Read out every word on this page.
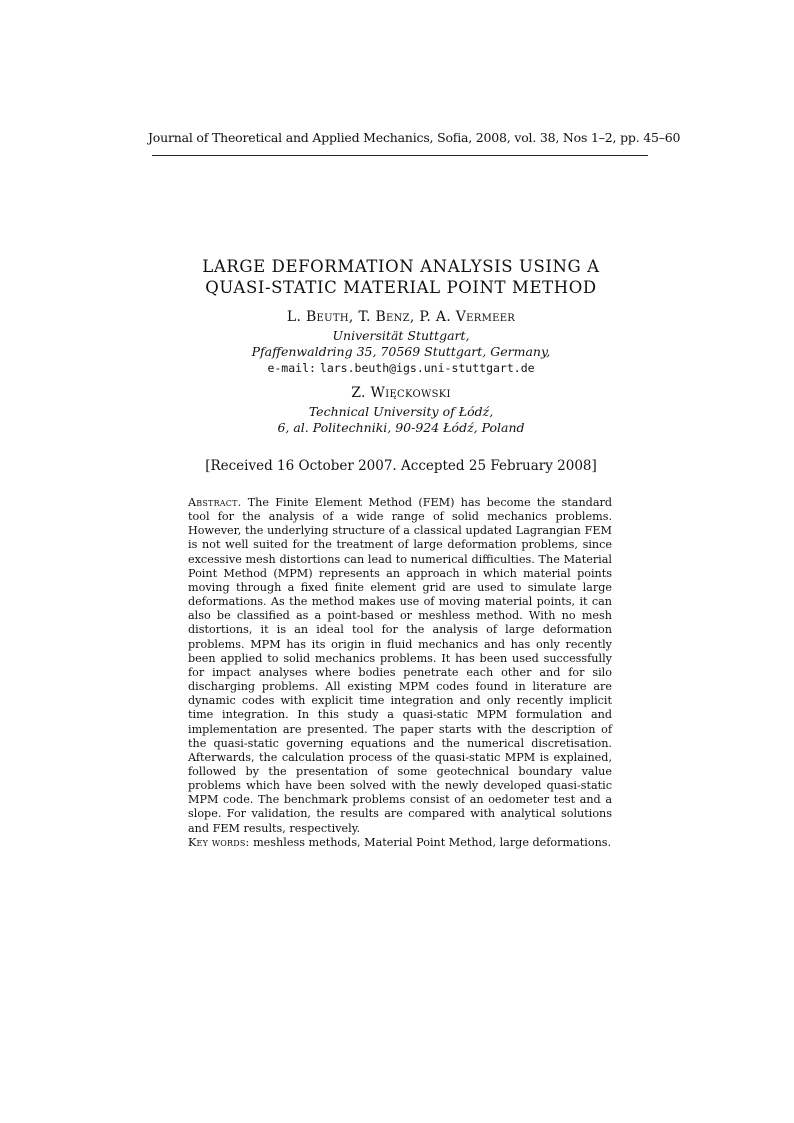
Journal of Theoretical and Applied Mechanics, Sofia, 2008, vol. 38, Nos 1–2, pp. 45–60
LARGE DEFORMATION ANALYSIS USING A
QUASI-STATIC MATERIAL POINT METHOD
L. Beuth, T. Benz, P. A. Vermeer
Universität Stuttgart,
Pfaffenwaldring 35, 70569 Stuttgart, Germany,
e-mail: lars.beuth@igs.uni-stuttgart.de
Z. Więckowski
Technical University of Łódź,
6, al. Politechniki, 90-924 Łódź, Poland
[Received 16 October 2007. Accepted 25 February 2008]

Abstract. The Finite Element Method (FEM) has become the standard tool for the analysis of a wide range of solid mechanics problems. However, the underlying structure of a classical updated Lagrangian FEM is not well suited for the treatment of large deformation problems, since excessive mesh distortions can lead to numerical difficulties. The Material Point Method (MPM) represents an approach in which material points moving through a fixed finite element grid are used to simulate large deformations. As the method makes use of moving material points, it can also be classified as a point-based or meshless method. With no mesh distortions, it is an ideal tool for the analysis of large deformation problems. MPM has its origin in fluid mechanics and has only recently been applied to solid mechanics problems. It has been used successfully for impact analyses where bodies penetrate each other and for silo discharging problems. All existing MPM codes found in literature are dynamic codes with explicit time integration and only recently implicit time integration. In this study a quasi-static MPM formulation and implementation are presented. The paper starts with the description of the quasi-static governing equations and the numerical discretisation. Afterwards, the calculation process of the quasi-static MPM is explained, followed by the presentation of some geotechnical boundary value problems which have been solved with the newly developed quasi-static MPM code. The benchmark problems consist of an oedometer test and a slope. For validation, the results are compared with analytical solutions and FEM results, respectively.

Key words: meshless methods, Material Point Method, large deformations.
